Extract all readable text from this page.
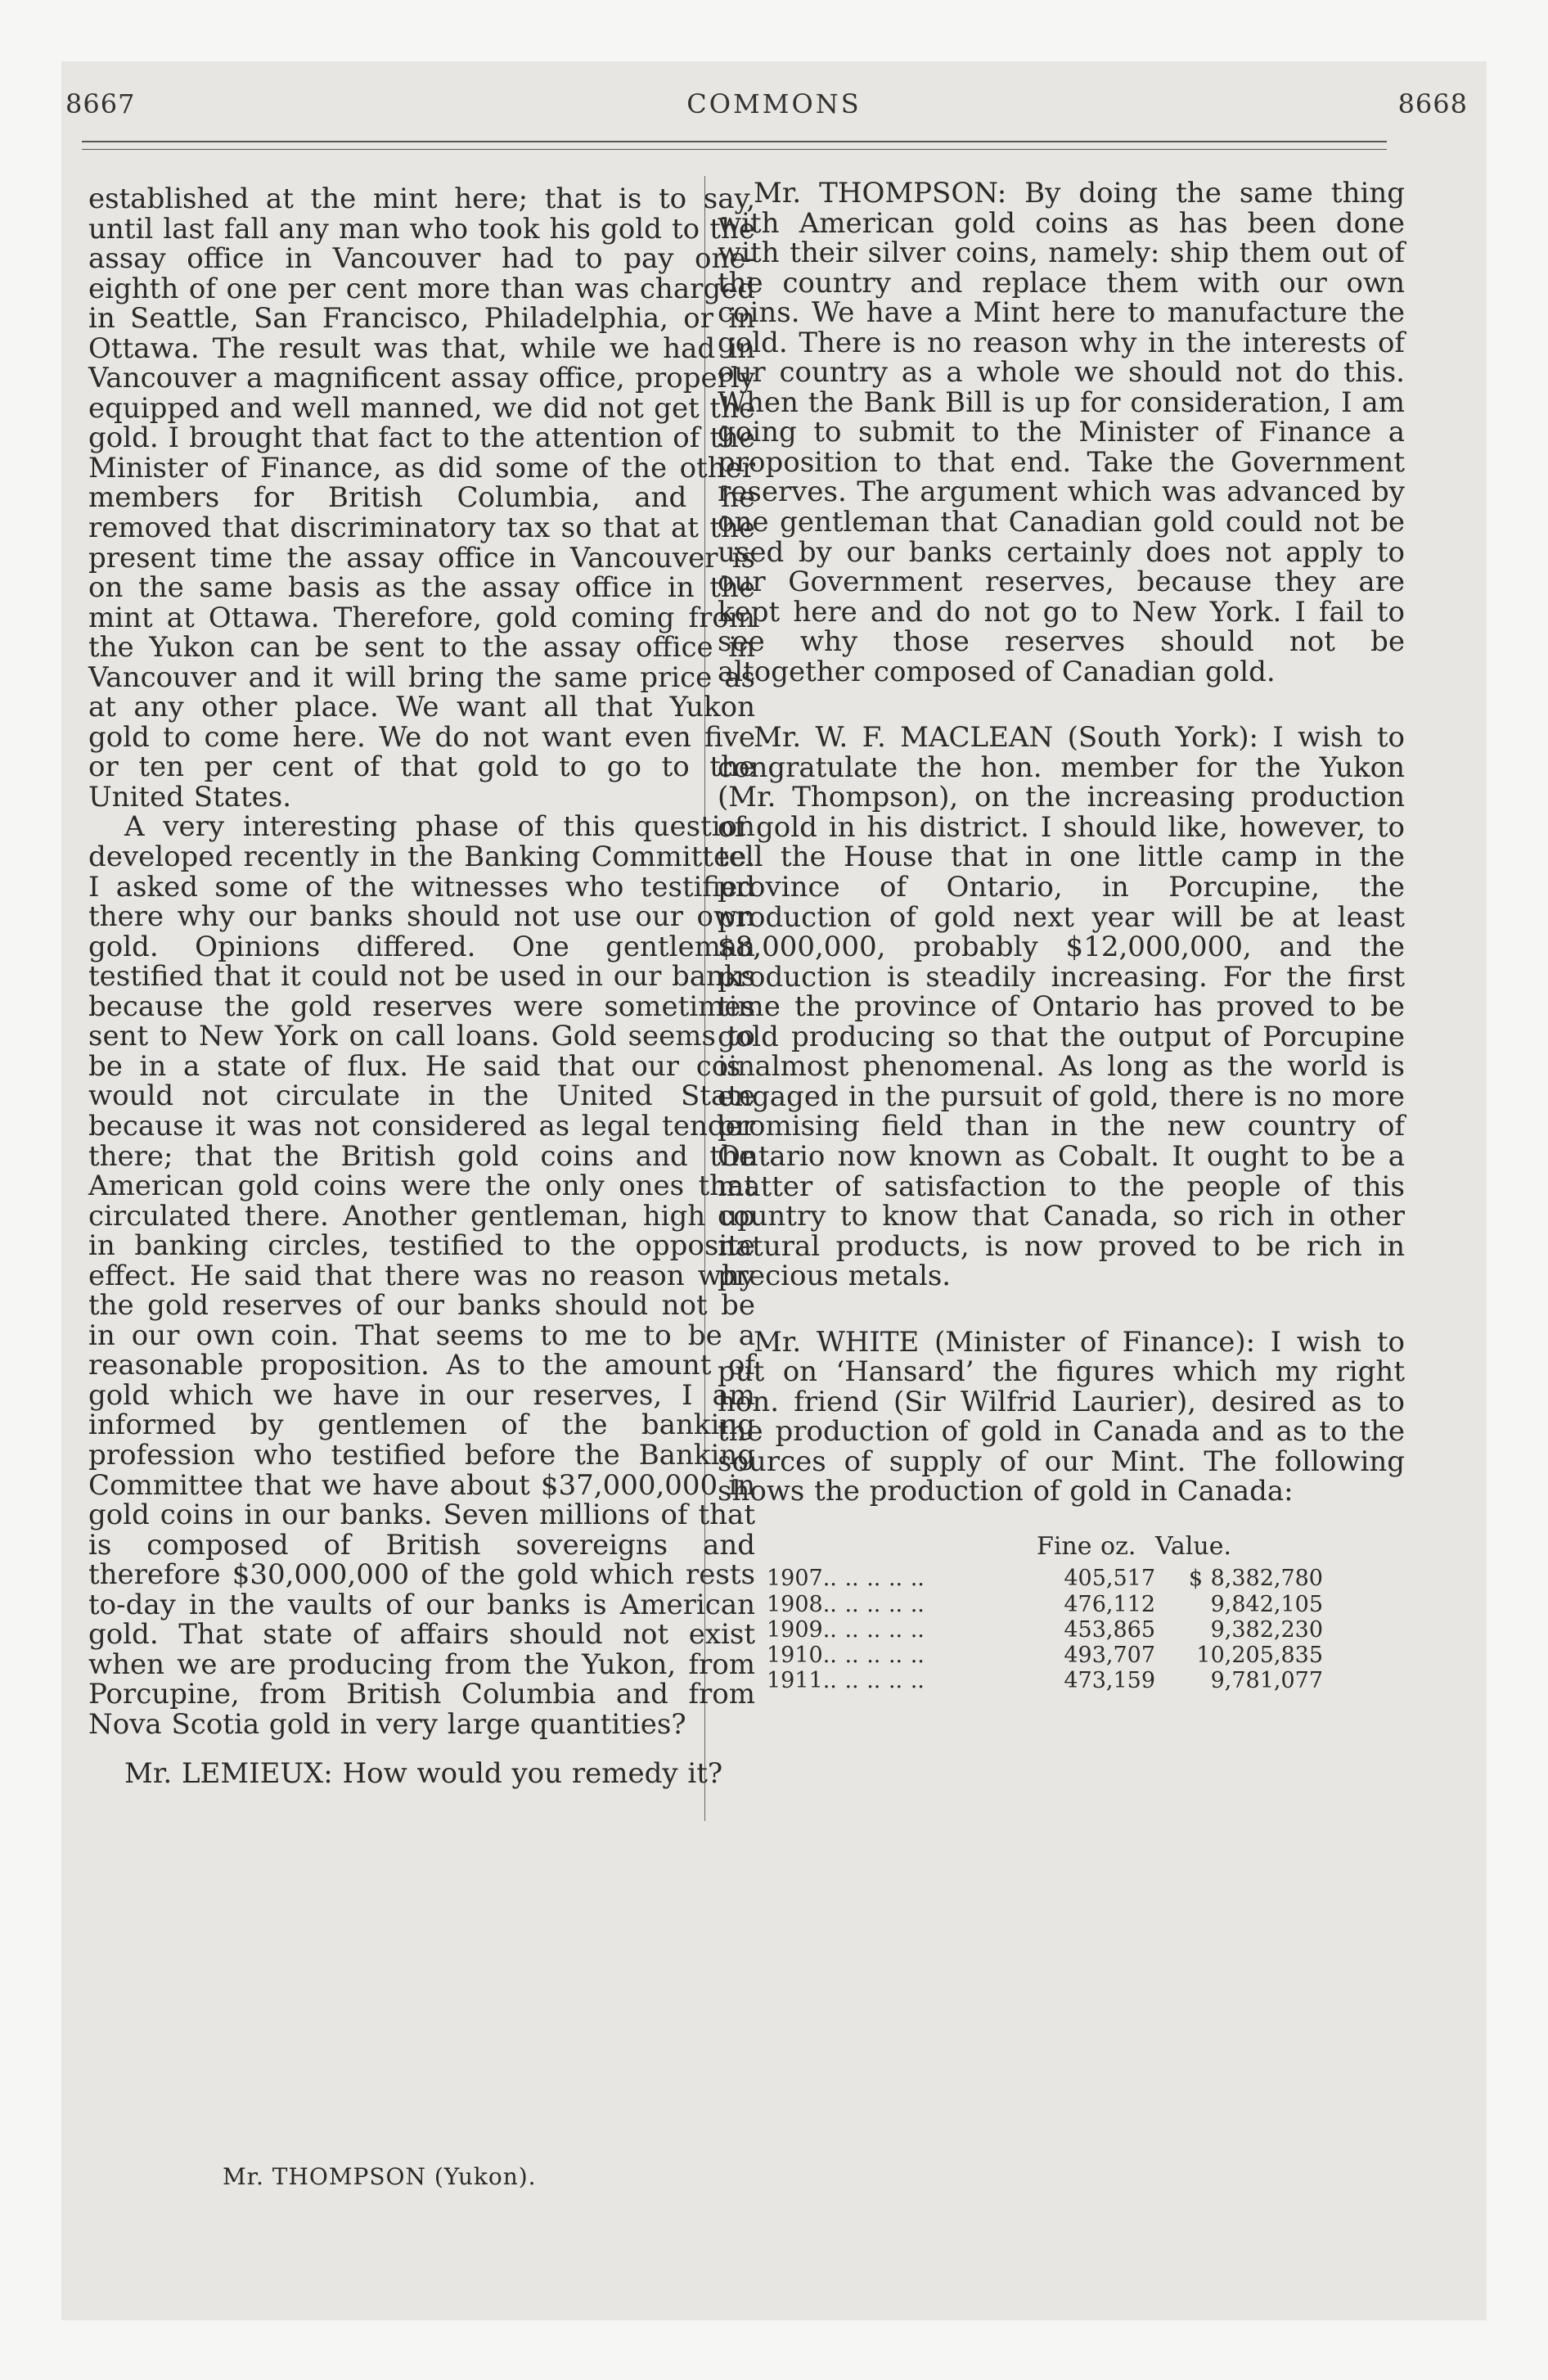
8667	COMMONS	8668

established at the mint here; that is to say, until last fall any man who took his gold to the assay office in Vancouver had to pay one-eighth of one per cent more than was charged in Seattle, San Francisco, Philadelphia, or in Ottawa. The result was that, while we had in Vancouver a magnificent assay office, properly equipped and well manned, we did not get the gold. I brought that fact to the attention of the Minister of Finance, as did some of the other members for British Columbia, and he removed that discriminatory tax so that at the present time the assay office in Vancouver is on the same basis as the assay office in the mint at Ottawa. Therefore, gold coming from the Yukon can be sent to the assay office in Vancouver and it will bring the same price as at any other place. We want all that Yukon gold to come here. We do not want even five or ten per cent of that gold to go to the United States.

A very interesting phase of this question developed recently in the Banking Committee. I asked some of the witnesses who testified there why our banks should not use our own gold. Opinions differed. One gentleman testified that it could not be used in our banks because the gold reserves were sometimes sent to New York on call loans. Gold seems to be in a state of flux. He said that our coin would not circulate in the United State because it was not considered as legal tender there; that the British gold coins and the American gold coins were the only ones that circulated there. Another gentleman, high up in banking circles, testified to the opposite effect. He said that there was no reason why the gold reserves of our banks should not be in our own coin. That seems to me to be a reasonable proposition. As to the amount of gold which we have in our reserves, I am informed by gentlemen of the banking profession who testified before the Banking Committee that we have about $37,000,000 in gold coins in our banks. Seven millions of that is composed of British sovereigns and therefore $30,000,000 of the gold which rests to-day in the vaults of our banks is American gold. That state of affairs should not exist when we are producing from the Yukon, from Porcupine, from British Columbia and from Nova Scotia gold in very large quantities?

Mr. LEMIEUX: How would you remedy it?

Mr. THOMPSON: By doing the same thing with American gold coins as has been done with their silver coins, namely: ship them out of the country and replace them with our own coins. We have a Mint here to manufacture the gold. There is no reason why in the interests of our country as a whole we should not do this. When the Bank Bill is up for consideration, I am going to submit to the Minister of Finance a proposition to that end. Take the Government reserves. The argument which was advanced by one gentleman that Canadian gold could not be used by our banks certainly does not apply to our Government reserves, because they are kept here and do not go to New York. I fail to see why those reserves should not be altogether composed of Canadian gold.

Mr. W. F. MACLEAN (South York): I wish to congratulate the hon. member for the Yukon (Mr. Thompson), on the increasing production of gold in his district. I should like, however, to tell the House that in one little camp in the province of Ontario, in Porcupine, the production of gold next year will be at least $8,000,000, probably $12,000,000, and the production is steadily increasing. For the first time the province of Ontario has proved to be gold producing so that the output of Porcupine is almost phenomenal. As long as the world is engaged in the pursuit of gold, there is no more promising field than in the new country of Ontario now known as Cobalt. It ought to be a matter of satisfaction to the people of this country to know that Canada, so rich in other natural products, is now proved to be rich in precious metals.

Mr. WHITE (Minister of Finance): I wish to put on ‘Hansard’ the figures which my right hon. friend (Sir Wilfrid Laurier), desired as to the production of gold in Canada and as to the sources of supply of our Mint. The following shows the production of gold in Canada:

	Fine oz.	Value.
1907.. .. .. .. ..	405,517	$ 8,382,780
1908.. .. .. .. ..	476,112	9,842,105
1909.. .. .. .. ..	453,865	9,382,230
1910.. .. .. .. ..	493,707	10,205,835
1911.. .. .. .. ..	473,159	9,781,077
Mr. THOMPSON (Yukon).
